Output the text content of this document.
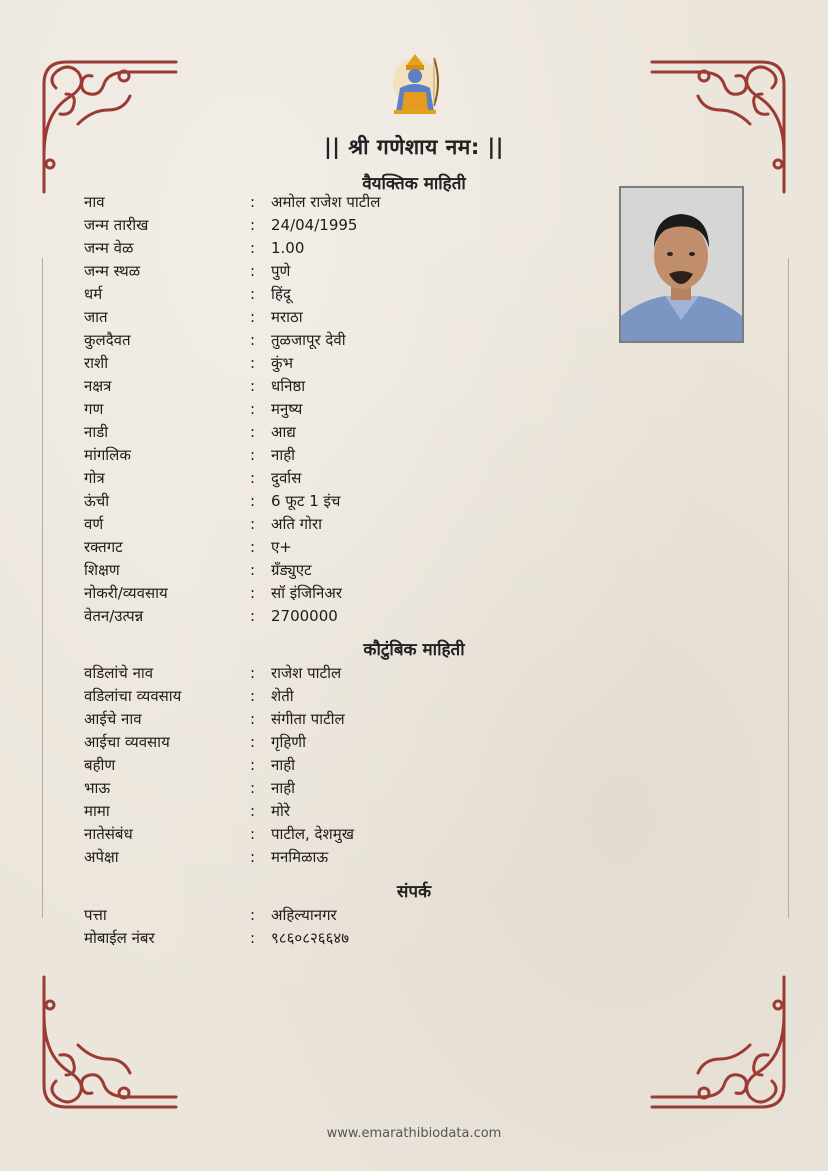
|| श्री गणेशाय नम: ||
वैयक्तिक माहिती
नाव	: अमोल राजेश पाटील
जन्म तारीख	: 24/04/1995
जन्म वेळ	: 1.00
जन्म स्थळ	: पुणे
धर्म	: हिंदू
जात	: मराठा
कुलदैवत	: तुळजापूर देवी
राशी	: कुंभ
नक्षत्र	: धनिष्ठा
गण	: मनुष्य
नाडी	: आद्य
मांगलिक	: नाही
गोत्र	: दुर्वास
ऊंची	: 6 फूट 1 इंच
वर्ण	: अति गोरा
रक्तगट	: ए+
शिक्षण	: ग्रॅंड्युएट
नोकरी/व्यवसाय	: सॉ इंजिनिअर
वेतन/उत्पन्न	: 2700000
कौटुंबिक माहिती
वडिलांचे नाव	: राजेश पाटील
वडिलांचा व्यवसाय	: शेती
आईचे नाव	: संगीता पाटील
आईचा व्यवसाय	: गृहिणी
बहीण	: नाही
भाऊ	: नाही
मामा	: मोरे
नातेसंबंध	: पाटील, देशमुख
अपेक्षा	: मनमिळाऊ
संपर्क
पत्ता	: अहिल्यानगर
मोबाईल नंबर	: ९८६०८२६६४७
www.emarathibiodata.com
